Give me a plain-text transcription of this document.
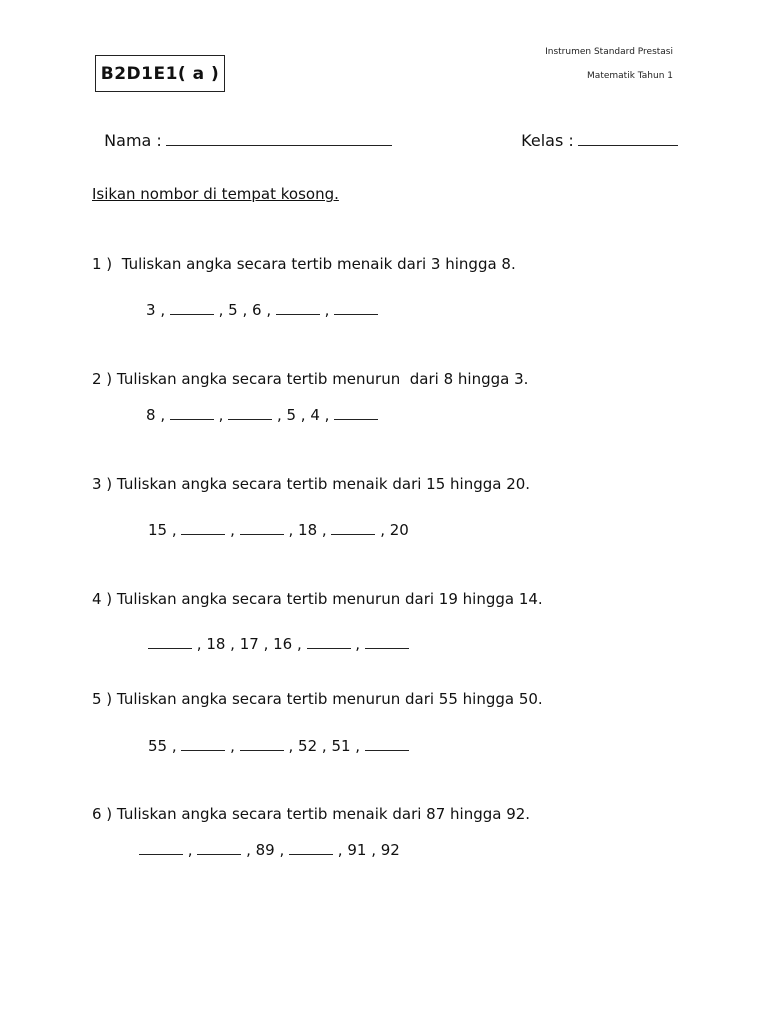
B2D1E1( a )
Instrumen Standard Prestasi
Matematik Tahun 1

Nama :	Kelas :

Isikan nombor di tempat kosong.
1 )  Tuliskan angka secara tertib menaik dari 3 hingga 8.
3 ,	, 5 , 6 ,	,
2 ) Tuliskan angka secara tertib menurun  dari 8 hingga 3.
8 ,	,	, 5 , 4 ,
3 ) Tuliskan angka secara tertib menaik dari 15 hingga 20.
15 ,	,	, 18 ,	, 20
4 ) Tuliskan angka secara tertib menurun dari 19 hingga 14.
, 18 , 17 , 16 ,	,
5 ) Tuliskan angka secara tertib menurun dari 55 hingga 50.
55 ,	,	, 52 , 51 ,
6 ) Tuliskan angka secara tertib menaik dari 87 hingga 92.
,	, 89 ,	, 91 , 92
